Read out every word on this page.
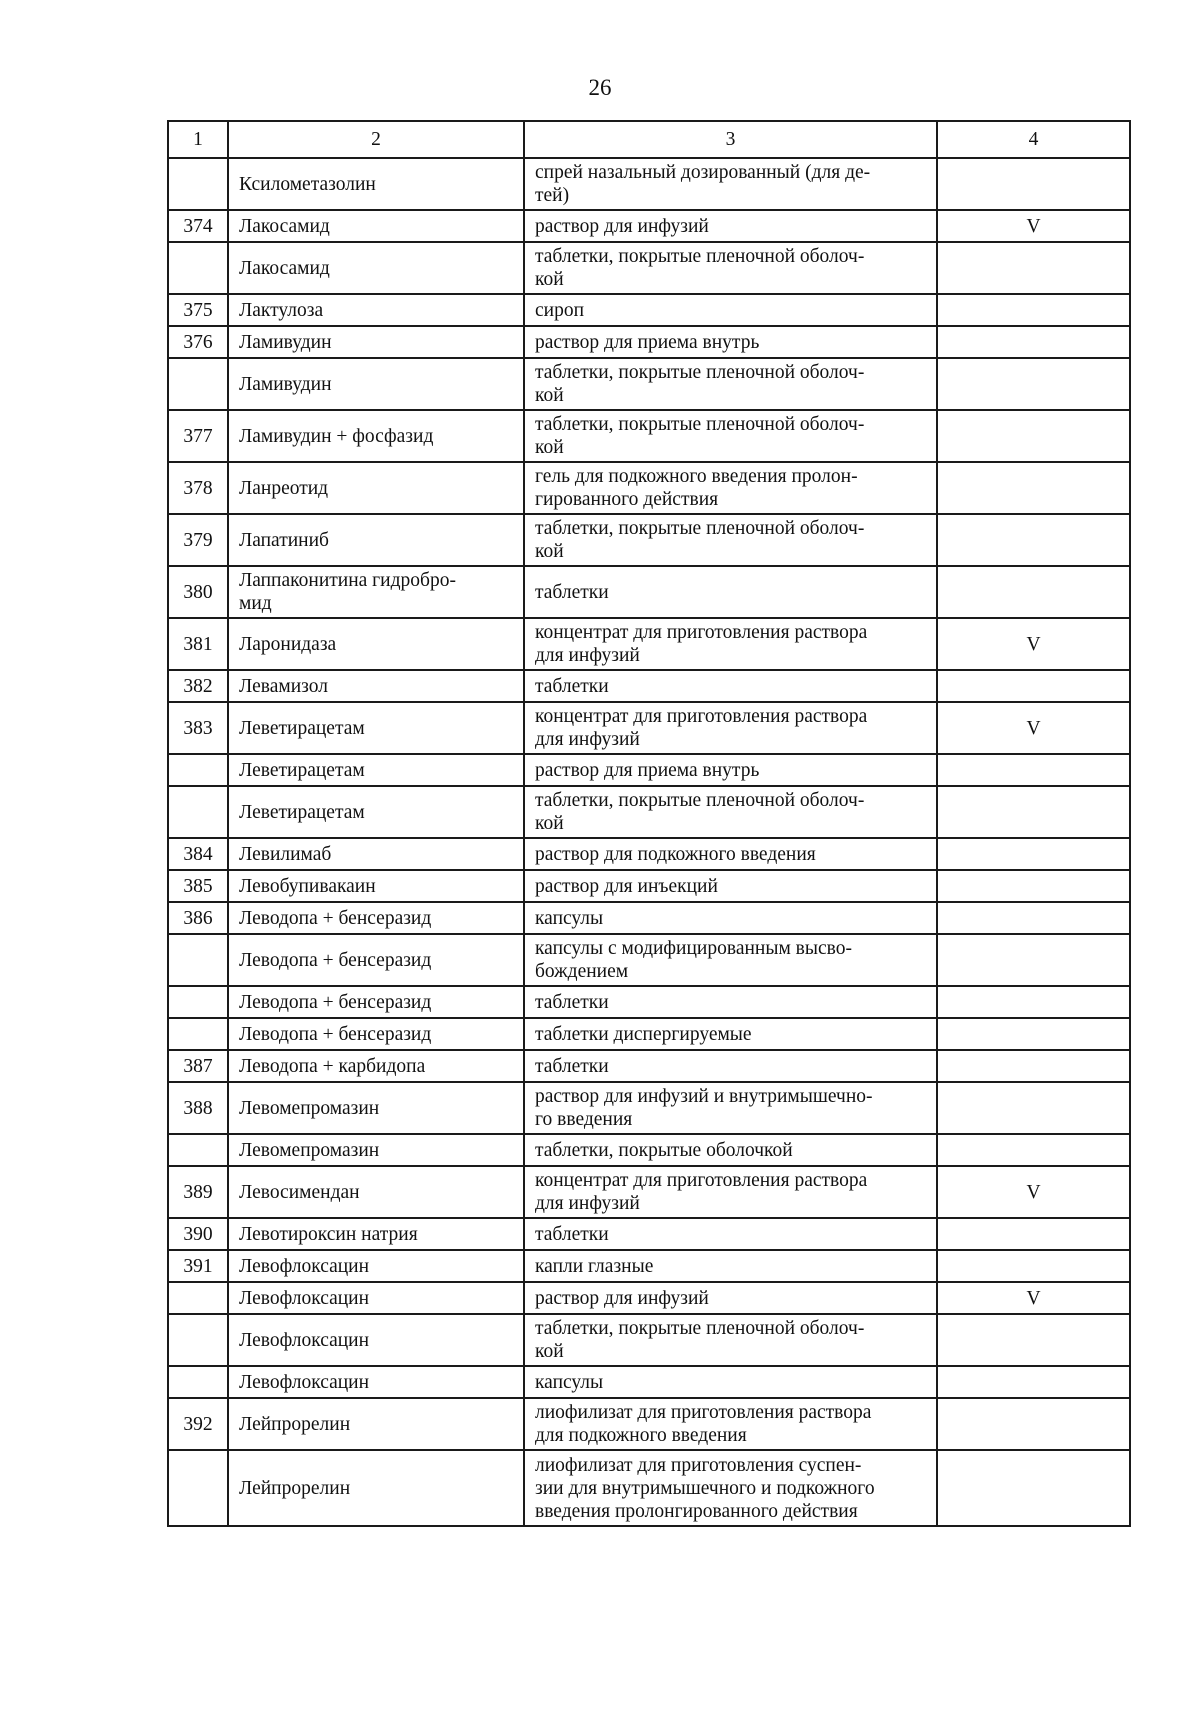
26
1	2	3	4
	Ксилометазолин	спрей назальный дозированный (для де-
тей)	
374	Лакосамид	раствор для инфузий	V
	Лакосамид	таблетки, покрытые пленочной оболоч-
кой	
375	Лактулоза	сироп	
376	Ламивудин	раствор для приема внутрь	
	Ламивудин	таблетки, покрытые пленочной оболоч-
кой	
377	Ламивудин + фосфазид	таблетки, покрытые пленочной оболоч-
кой	
378	Ланреотид	гель для подкожного введения пролон-
гированного действия	
379	Лапатиниб	таблетки, покрытые пленочной оболоч-
кой	
380	Лаппаконитина гидробро-
мид	таблетки	
381	Ларонидаза	концентрат для приготовления раствора
для инфузий	V
382	Левамизол	таблетки	
383	Леветирацетам	концентрат для приготовления раствора
для инфузий	V
	Леветирацетам	раствор для приема внутрь	
	Леветирацетам	таблетки, покрытые пленочной оболоч-
кой	
384	Левилимаб	раствор для подкожного введения	
385	Левобупивакаин	раствор для инъекций	
386	Леводопа + бенсеразид	капсулы	
	Леводопа + бенсеразид	капсулы с модифицированным высво-
бождением	
	Леводопа + бенсеразид	таблетки	
	Леводопа + бенсеразид	таблетки диспергируемые	
387	Леводопа + карбидопа	таблетки	
388	Левомепромазин	раствор для инфузий и внутримышечно-
го введения	
	Левомепромазин	таблетки, покрытые оболочкой	
389	Левосимендан	концентрат для приготовления раствора
для инфузий	V
390	Левотироксин натрия	таблетки	
391	Левофлоксацин	капли глазные	
	Левофлоксацин	раствор для инфузий	V
	Левофлоксацин	таблетки, покрытые пленочной оболоч-
кой	
	Левофлоксацин	капсулы	
392	Лейпрорелин	лиофилизат для приготовления раствора
для подкожного введения	
	Лейпрорелин	лиофилизат для приготовления суспен-
зии для внутримышечного и подкожного
введения пролонгированного действия	
